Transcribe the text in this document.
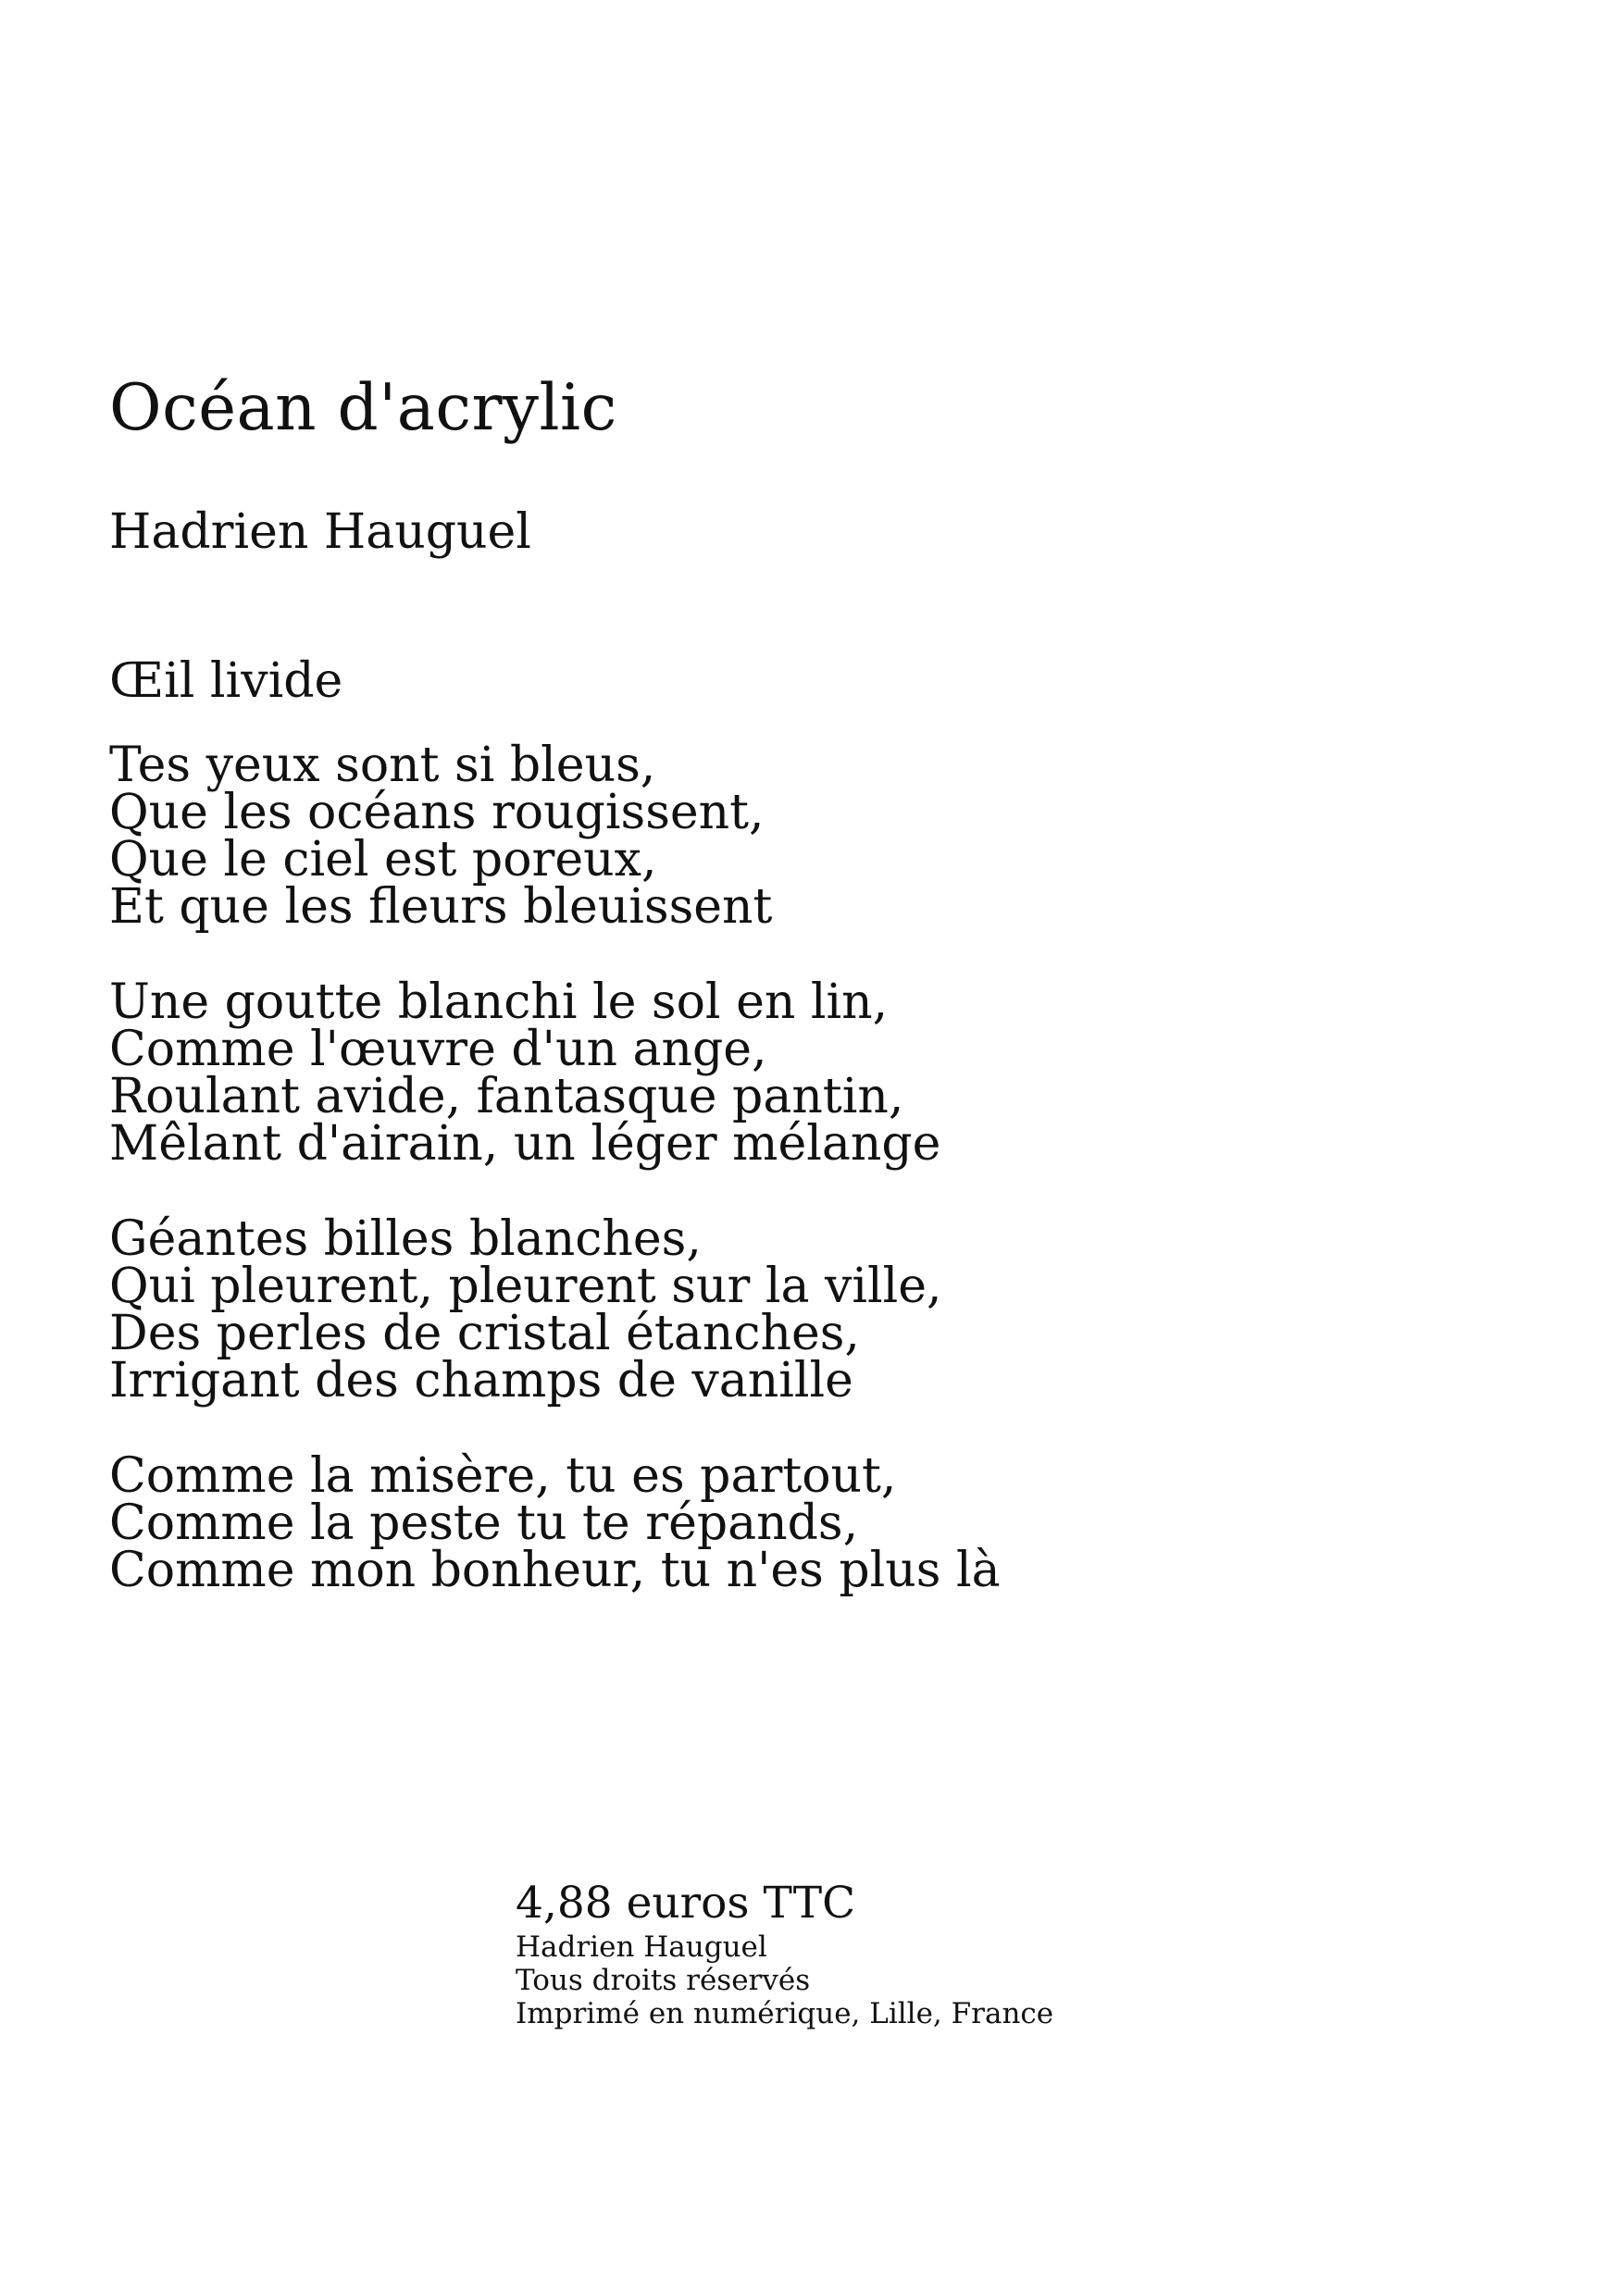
Océan d'acrylic
Hadrien Hauguel
Œil livide
Tes yeux sont si bleus,
Que les océans rougissent,
Que le ciel est poreux,
Et que les fleurs bleuissent
Une goutte blanchi le sol en lin,
Comme l'œuvre d'un ange,
Roulant avide, fantasque pantin,
Mêlant d'airain, un léger mélange
Géantes billes blanches,
Qui pleurent, pleurent sur la ville,
Des perles de cristal étanches,
Irrigant des champs de vanille
Comme la misère, tu es partout,
Comme la peste tu te répands,
Comme mon bonheur, tu n'es plus là
4,88 euros TTC
Hadrien Hauguel
Tous droits réservés
Imprimé en numérique, Lille, France
